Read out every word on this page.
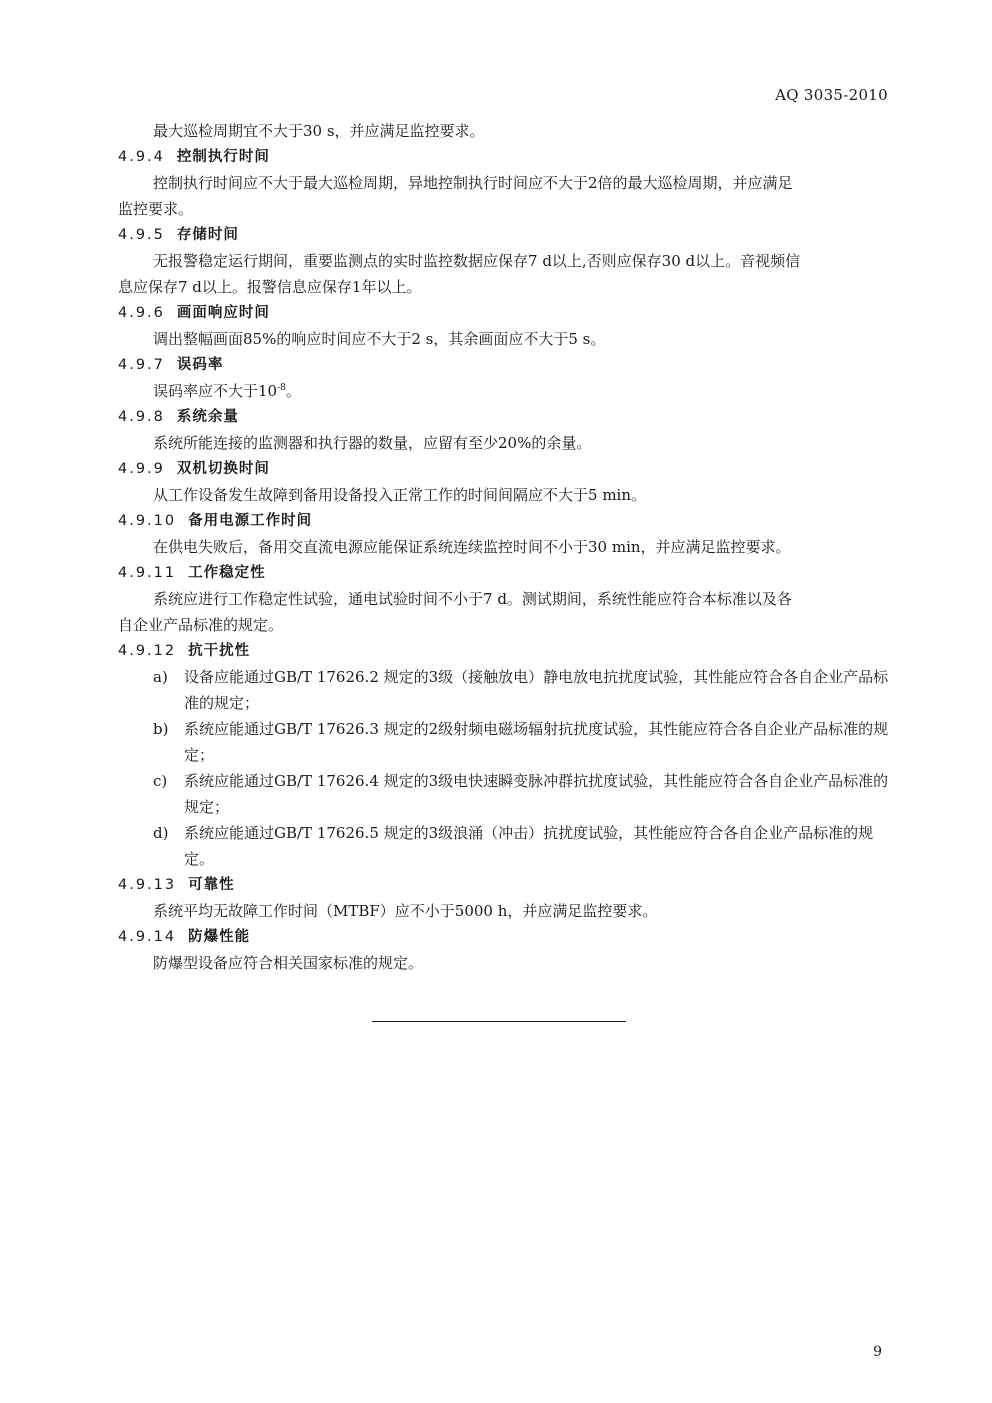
AQ 3035-2010
最大巡检周期宜不大于30 s，并应满足监控要求。
4.9.4 控制执行时间
控制执行时间应不大于最大巡检周期，异地控制执行时间应不大于2倍的最大巡检周期，并应满足
监控要求。
4.9.5 存储时间
无报警稳定运行期间，重要监测点的实时监控数据应保存7 d以上,否则应保存30 d以上。音视频信
息应保存7 d以上。报警信息应保存1年以上。
4.9.6 画面响应时间
调出整幅画面85%的响应时间应不大于2 s，其余画面应不大于5 s。
4.9.7 误码率
误码率应不大于$10^{-8}$。
4.9.8 系统余量
系统所能连接的监测器和执行器的数量，应留有至少20%的余量。
4.9.9 双机切换时间
从工作设备发生故障到备用设备投入正常工作的时间间隔应不大于5 min。
4.9.10 备用电源工作时间
在供电失败后，备用交直流电源应能保证系统连续监控时间不小于30 min，并应满足监控要求。
4.9.11 工作稳定性
系统应进行工作稳定性试验，通电试验时间不小于7 d。测试期间，系统性能应符合本标准以及各
自企业产品标准的规定。
4.9.12 抗干扰性
a) 设备应能通过GB/T 17626.2 规定的3级（接触放电）静电放电抗扰度试验，其性能应符合各自企业产品标准的规定；
b) 系统应能通过GB/T 17626.3 规定的2级射频电磁场辐射抗扰度试验，其性能应符合各自企业产品标准的规定；
c) 系统应能通过GB/T 17626.4 规定的3级电快速瞬变脉冲群抗扰度试验，其性能应符合各自企业产品标准的规定；
d) 系统应能通过GB/T 17626.5 规定的3级浪涌（冲击）抗扰度试验，其性能应符合各自企业产品标准的规定。
4.9.13 可靠性
系统平均无故障工作时间（MTBF）应不小于5000 h，并应满足监控要求。
4.9.14 防爆性能
防爆型设备应符合相关国家标准的规定。
9
